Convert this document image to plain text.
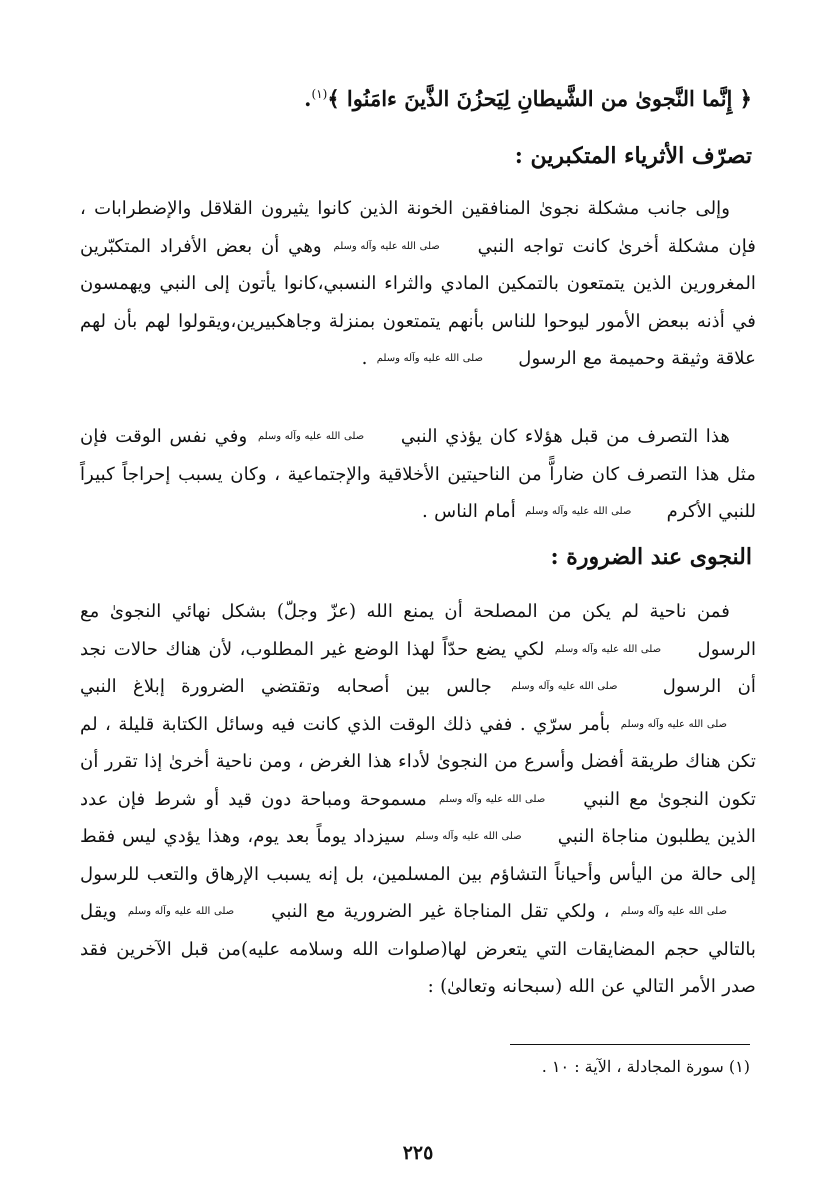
﴿ إِنَّما النَّجوىٰ من الشَّيطانِ لِيَحزُنَ الذَّينَ ءامَنُوا ﴾$^{(١)}$.
تصرّف الأثرياء المتكبرين :
وإلى جانب مشكلة نجوىٰ المنافقين الخونة الذين كانوا يثيرون القلاقل والإضطرابات ، فإن مشكلة أخرىٰ كانت تواجه النبي صلى الله عليه وآله وسلم وهي أن بعض الأفراد المتكبّرين المغرورين الذين يتمتعون بالتمكين المادي والثراء النسبي،كانوا يأتون إلى النبي ويهمسون في أذنه ببعض الأمور ليوحوا للناس بأنهم يتمتعون بمنزلة وجاهكبيرين،ويقولوا لهم بأن لهم علاقة وثيقة وحميمة مع الرسول صلى الله عليه وآله وسلم .
هذا التصرف من قبل هؤلاء كان يؤذي النبي صلى الله عليه وآله وسلم وفي نفس الوقت فإن مثل هذا التصرف كان ضاراًّ من الناحيتين الأخلاقية والإجتماعية ، وكان يسبب إحراجاً كبيراً للنبي الأكرم صلى الله عليه وآله وسلم أمام الناس .
النجوى عند الضرورة :
فمن ناحية لم يكن من المصلحة أن يمنع الله (عزّ وجلّ) بشكل نهائي النجوىٰ مع الرسول صلى الله عليه وآله وسلم لكي يضع حدّاً لهذا الوضع غير المطلوب، لأن هناك حالات نجد أن الرسول صلى الله عليه وآله وسلم جالس بين أصحابه وتقتضي الضرورة إبلاغ النبي صلى الله عليه وآله وسلم بأمر سرّي . ففي ذلك الوقت الذي كانت فيه وسائل الكتابة قليلة ، لم تكن هناك طريقة أفضل وأسرع من النجوىٰ لأداء هذا الغرض ، ومن ناحية أخرىٰ إذا تقرر أن تكون النجوىٰ مع النبي صلى الله عليه وآله وسلم مسموحة ومباحة دون قيد أو شرط فإن عدد الذين يطلبون مناجاة النبي صلى الله عليه وآله وسلم سيزداد يوماً بعد يوم، وهذا يؤدي ليس فقط إلى حالة من اليأس وأحياناً التشاؤم بين المسلمين، بل إنه يسبب الإرهاق والتعب للرسول صلى الله عليه وآله وسلم ، ولكي تقل المناجاة غير الضرورية مع النبي صلى الله عليه وآله وسلم ويقل بالتالي حجم المضايقات التي يتعرض لها(صلوات الله وسلامه عليه)من قبل الآخرين فقد صدر الأمر التالي عن الله (سبحانه وتعالىٰ) :
(١) سورة المجادلة ، الآية : ١٠ .
٢٢٥
